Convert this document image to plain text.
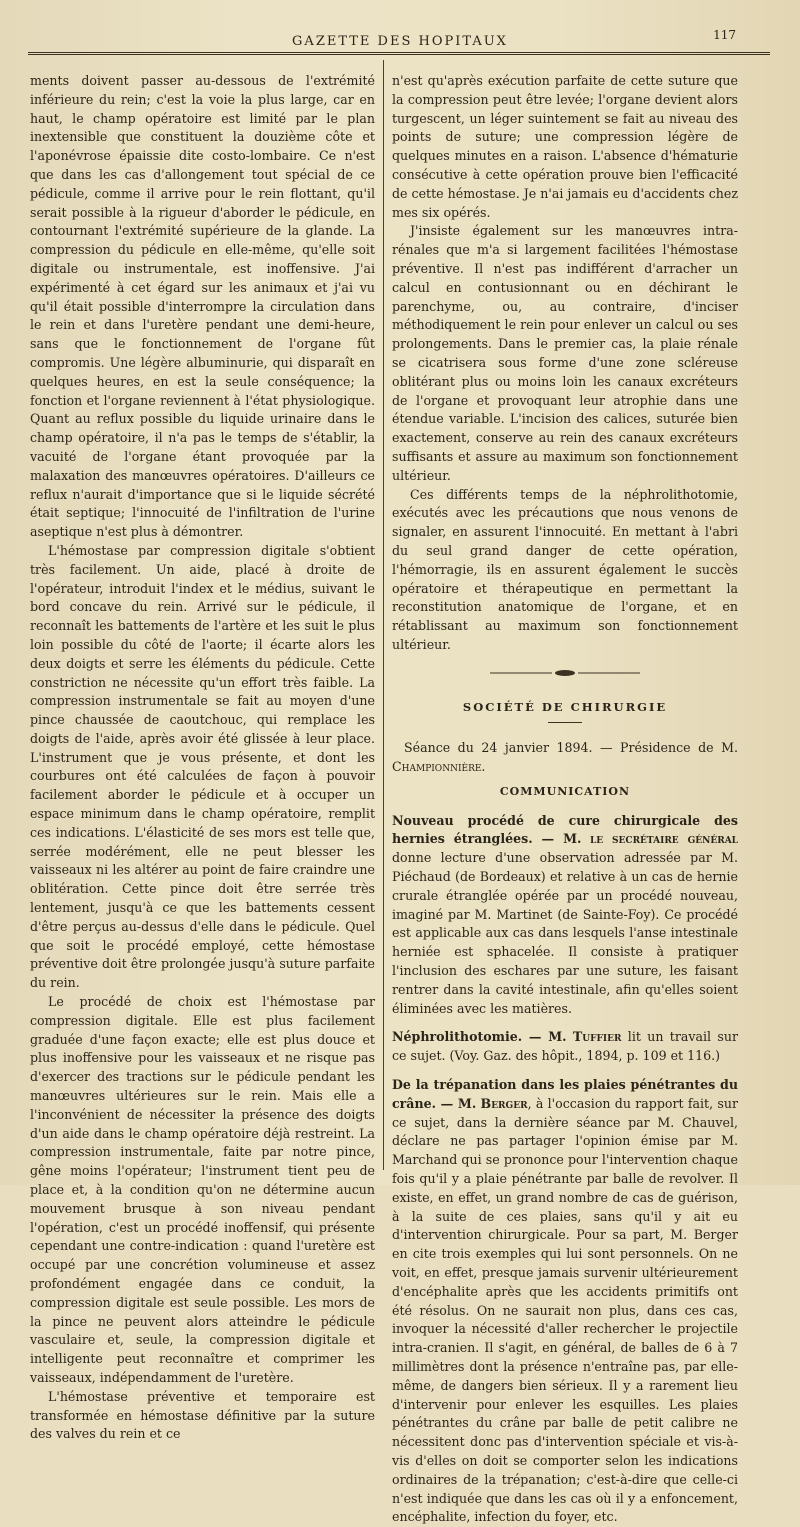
GAZETTE DES HOPITAUX	117

ments doivent passer au-dessous de l'extrémité inférieure du rein; c'est la voie la plus large, car en haut, le champ opératoire est limité par le plan inextensible que constituent la douzième côte et l'aponévrose épaissie dite costo-lombaire. Ce n'est que dans les cas d'allongement tout spécial de ce pédicule, comme il arrive pour le rein flottant, qu'il serait possible à la rigueur d'aborder le pédicule, en contournant l'extrémité supérieure de la glande. La compression du pédicule en elle-même, qu'elle soit digitale ou instrumentale, est inoffensive. J'ai expérimenté à cet égard sur les animaux et j'ai vu qu'il était possible d'interrompre la circulation dans le rein et dans l'uretère pendant une demi-heure, sans que le fonctionnement de l'organe fût compromis. Une légère albuminurie, qui disparaît en quelques heures, en est la seule conséquence; la fonction et l'organe reviennent à l'état physiologique. Quant au reflux possible du liquide urinaire dans le champ opératoire, il n'a pas le temps de s'établir, la vacuité de l'organe étant provoquée par la malaxation des manœuvres opératoires. D'ailleurs ce reflux n'aurait d'importance que si le liquide sécrété était septique; l'innocuité de l'infiltration de l'urine aseptique n'est plus à démontrer.

L'hémostase par compression digitale s'obtient très facilement. Un aide, placé à droite de l'opérateur, introduit l'index et le médius, suivant le bord concave du rein. Arrivé sur le pédicule, il reconnaît les battements de l'artère et les suit le plus loin possible du côté de l'aorte; il écarte alors les deux doigts et serre les éléments du pédicule. Cette constriction ne nécessite qu'un effort très faible. La compression instrumentale se fait au moyen d'une pince chaussée de caoutchouc, qui remplace les doigts de l'aide, après avoir été glissée à leur place. L'instrument que je vous présente, et dont les courbures ont été calculées de façon à pouvoir facilement aborder le pédicule et à occuper un espace minimum dans le champ opératoire, remplit ces indications. L'élasticité de ses mors est telle que, serrée modérément, elle ne peut blesser les vaisseaux ni les altérer au point de faire craindre une oblitération. Cette pince doit être serrée très lentement, jusqu'à ce que les battements cessent d'être perçus au-dessus d'elle dans le pédicule. Quel que soit le procédé employé, cette hémostase préventive doit être prolongée jusqu'à suture parfaite du rein.

Le procédé de choix est l'hémostase par compression digitale. Elle est plus facilement graduée d'une façon exacte; elle est plus douce et plus inoffensive pour les vaisseaux et ne risque pas d'exercer des tractions sur le pédicule pendant les manœuvres ultérieures sur le rein. Mais elle a l'inconvénient de nécessiter la présence des doigts d'un aide dans le champ opératoire déjà restreint. La compression instrumentale, faite par notre pince, gêne moins l'opérateur; l'instrument tient peu de place et, à la condition qu'on ne détermine aucun mouvement brusque à son niveau pendant l'opération, c'est un procédé inoffensif, qui présente cependant une contre-indication : quand l'uretère est occupé par une concrétion volumineuse et assez profondément engagée dans ce conduit, la compression digitale est seule possible. Les mors de la pince ne peuvent alors atteindre le pédicule vasculaire et, seule, la compression digitale et intelligente peut reconnaître et comprimer les vaisseaux, indépendamment de l'uretère.

L'hémostase préventive et temporaire est transformée en hémostase définitive par la suture des valves du rein et ce

n'est qu'après exécution parfaite de cette suture que la compression peut être levée; l'organe devient alors turgescent, un léger suintement se fait au niveau des points de suture; une compression légère de quelques minutes en a raison. L'absence d'hématurie consécutive à cette opération prouve bien l'efficacité de cette hémostase. Je n'ai jamais eu d'accidents chez mes six opérés.

J'insiste également sur les manœuvres intra-rénales que m'a si largement facilitées l'hémostase préventive. Il n'est pas indifférent d'arracher un calcul en contusionnant ou en déchirant le parenchyme, ou, au contraire, d'inciser méthodiquement le rein pour enlever un calcul ou ses prolongements. Dans le premier cas, la plaie rénale se cicatrisera sous forme d'une zone scléreuse oblitérant plus ou moins loin les canaux excréteurs de l'organe et provoquant leur atrophie dans une étendue variable. L'incision des calices, suturée bien exactement, conserve au rein des canaux excréteurs suffisants et assure au maximum son fonctionnement ultérieur.

Ces différents temps de la néphrolithotomie, exécutés avec les précautions que nous venons de signaler, en assurent l'innocuité. En mettant à l'abri du seul grand danger de cette opération, l'hémorragie, ils en assurent également le succès opératoire et thérapeutique en permettant la reconstitution anatomique de l'organe, et en rétablissant au maximum son fonctionnement ultérieur.

SOCIÉTÉ DE CHIRURGIE

Séance du 24 janvier 1894. — Présidence de M. Championnière.

COMMUNICATION

Nouveau procédé de cure chirurgicale des hernies étranglées. — M. le secrétaire général donne lecture d'une observation adressée par M. Piéchaud (de Bordeaux) et relative à un cas de hernie crurale étranglée opérée par un procédé nouveau, imaginé par M. Martinet (de Sainte-Foy). Ce procédé est applicable aux cas dans lesquels l'anse intestinale herniée est sphacelée. Il consiste à pratiquer l'inclusion des eschares par une suture, les faisant rentrer dans la cavité intestinale, afin qu'elles soient éliminées avec les matières.

Néphrolithotomie. — M. Tuffier lit un travail sur ce sujet. (Voy. Gaz. des hôpit., 1894, p. 109 et 116.)

De la trépanation dans les plaies pénétrantes du crâne. — M. Berger, à l'occasion du rapport fait, sur ce sujet, dans la dernière séance par M. Chauvel, déclare ne pas partager l'opinion émise par M. Marchand qui se prononce pour l'intervention chaque fois qu'il y a plaie pénétrante par balle de revolver. Il existe, en effet, un grand nombre de cas de guérison, à la suite de ces plaies, sans qu'il y ait eu d'intervention chirurgicale. Pour sa part, M. Berger en cite trois exemples qui lui sont personnels. On ne voit, en effet, presque jamais survenir ultérieurement d'encéphalite après que les accidents primitifs ont été résolus. On ne saurait non plus, dans ces cas, invoquer la nécessité d'aller rechercher le projectile intra-cranien. Il s'agit, en général, de balles de 6 à 7 millimètres dont la présence n'entraîne pas, par elle-même, de dangers bien sérieux. Il y a rarement lieu d'intervenir pour enlever les esquilles. Les plaies pénétrantes du crâne par balle de petit calibre ne nécessitent donc pas d'intervention spéciale et vis-à-vis d'elles on doit se comporter selon les indications ordinaires de la trépanation; c'est-à-dire que celle-ci n'est indiquée que dans les cas où il y a enfoncement, encéphalite, infection du foyer, etc.
